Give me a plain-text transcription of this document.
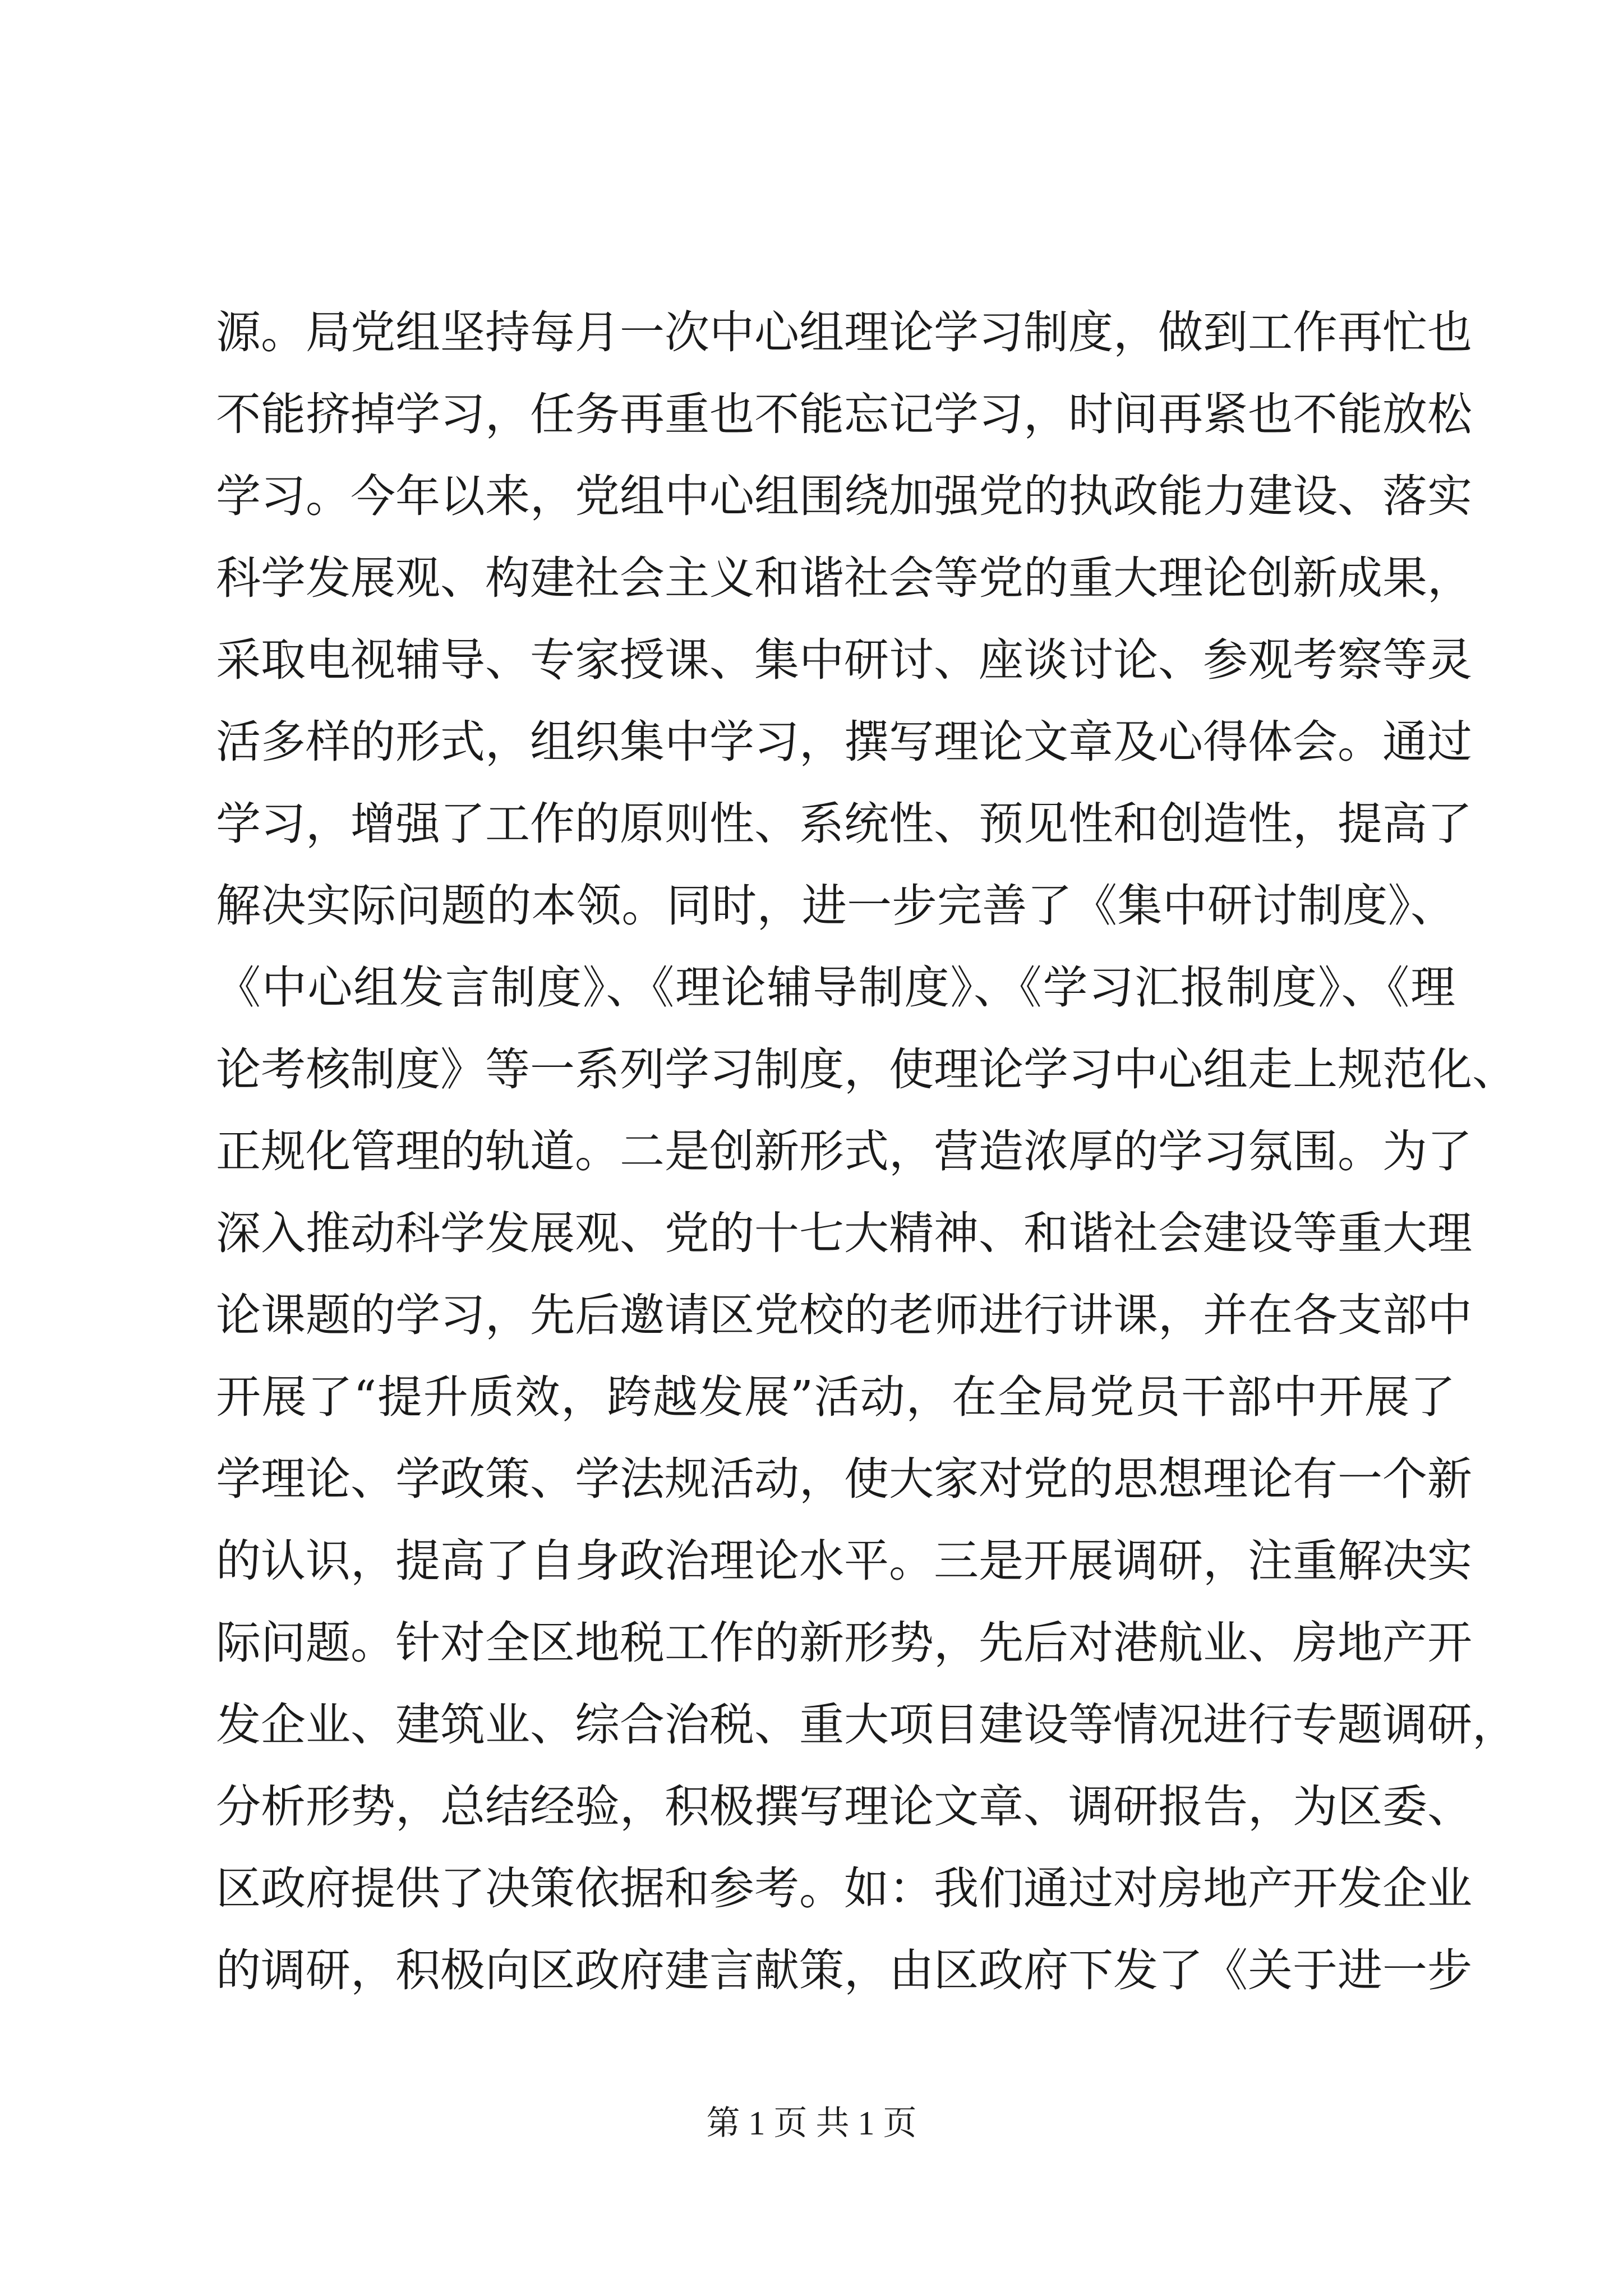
源。局党组坚持每月一次中心组理论学习制度，做到工作再忙也
不能挤掉学习，任务再重也不能忘记学习，时间再紧也不能放松
学习。今年以来，党组中心组围绕加强党的执政能力建设、落实
科学发展观、构建社会主义和谐社会等党的重大理论创新成果，
采取电视辅导、专家授课、集中研讨、座谈讨论、参观考察等灵
活多样的形式，组织集中学习，撰写理论文章及心得体会。通过
学习，增强了工作的原则性、系统性、预见性和创造性，提高了
解决实际问题的本领。同时，进一步完善了《集中研讨制度》、
《中心组发言制度》、《理论辅导制度》、《学习汇报制度》、《理
论考核制度》等一系列学习制度，使理论学习中心组走上规范化、
正规化管理的轨道。二是创新形式，营造浓厚的学习氛围。为了
深入推动科学发展观、党的十七大精神、和谐社会建设等重大理
论课题的学习，先后邀请区党校的老师进行讲课，并在各支部中
开展了“提升质效，跨越发展”活动，在全局党员干部中开展了
学理论、学政策、学法规活动，使大家对党的思想理论有一个新
的认识，提高了自身政治理论水平。三是开展调研，注重解决实
际问题。针对全区地税工作的新形势，先后对港航业、房地产开
发企业、建筑业、综合治税、重大项目建设等情况进行专题调研，
分析形势，总结经验，积极撰写理论文章、调研报告，为区委、
区政府提供了决策依据和参考。如：我们通过对房地产开发企业
的调研，积极向区政府建言献策，由区政府下发了《关于进一步
第 1 页 共 1 页
